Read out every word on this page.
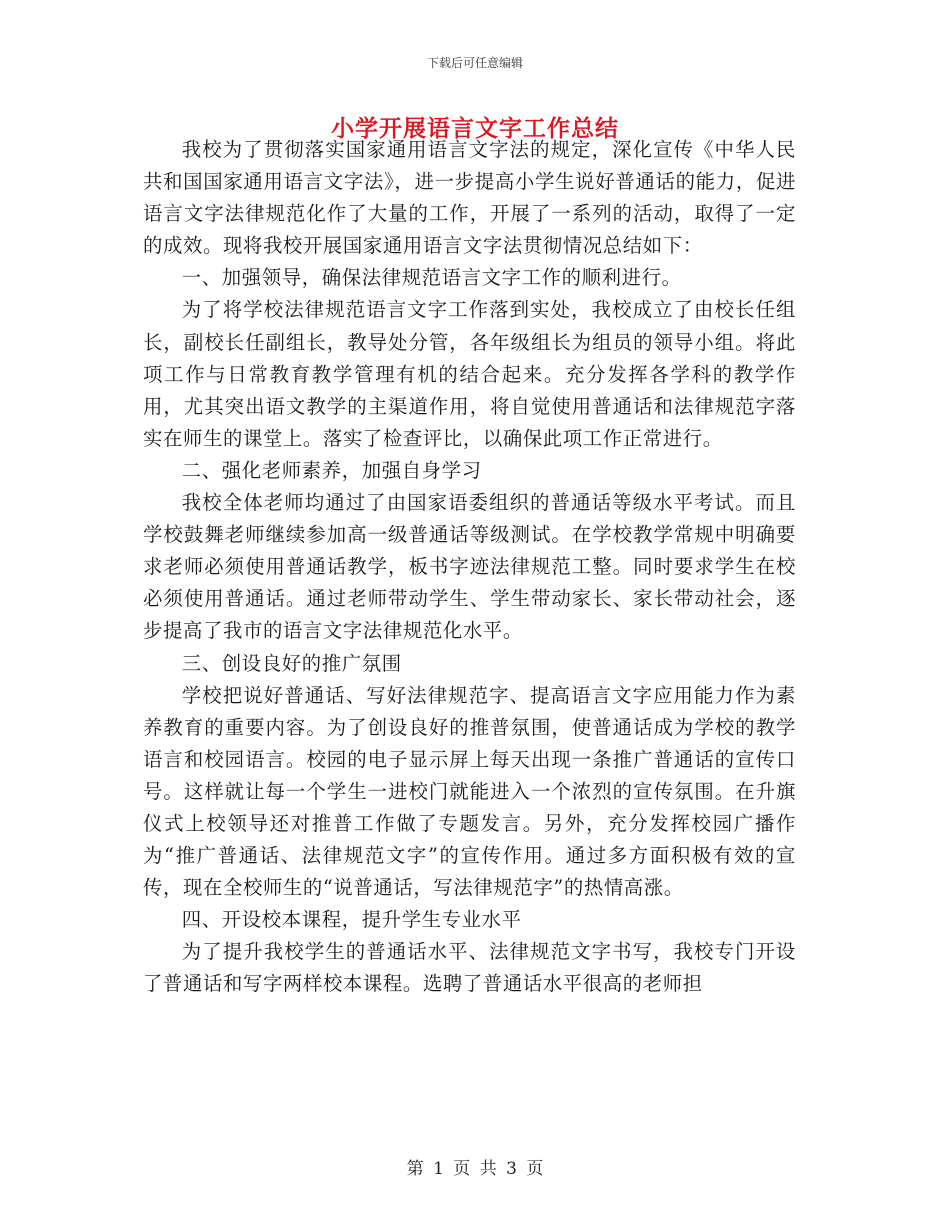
下载后可任意编辑
小学开展语言文字工作总结

我校为了贯彻落实国家通用语言文字法的规定，深化宣传《中华人民共和国国家通用语言文字法》，进一步提高小学生说好普通话的能力，促进语言文字法律规范化作了大量的工作，开展了一系列的活动，取得了一定的成效。现将我校开展国家通用语言文字法贯彻情况总结如下：

一、加强领导，确保法律规范语言文字工作的顺利进行。

为了将学校法律规范语言文字工作落到实处，我校成立了由校长任组长，副校长任副组长，教导处分管，各年级组长为组员的领导小组。将此项工作与日常教育教学管理有机的结合起来。充分发挥各学科的教学作用，尤其突出语文教学的主渠道作用，将自觉使用普通话和法律规范字落实在师生的课堂上。落实了检查评比，以确保此项工作正常进行。

二、强化老师素养，加强自身学习

我校全体老师均通过了由国家语委组织的普通话等级水平考试。而且学校鼓舞老师继续参加高一级普通话等级测试。在学校教学常规中明确要求老师必须使用普通话教学，板书字迹法律规范工整。同时要求学生在校必须使用普通话。通过老师带动学生、学生带动家长、家长带动社会，逐步提高了我市的语言文字法律规范化水平。

三、创设良好的推广氛围

学校把说好普通话、写好法律规范字、提高语言文字应用能力作为素养教育的重要内容。为了创设良好的推普氛围，使普通话成为学校的教学语言和校园语言。校园的电子显示屏上每天出现一条推广普通话的宣传口号。这样就让每一个学生一进校门就能进入一个浓烈的宣传氛围。在升旗仪式上校领导还对推普工作做了专题发言。另外，充分发挥校园广播作为“推广普通话、法律规范文字”的宣传作用。通过多方面积极有效的宣传，现在全校师生的“说普通话，写法律规范字”的热情高涨。

四、开设校本课程，提升学生专业水平

为了提升我校学生的普通话水平、法律规范文字书写，我校专门开设了普通话和写字两样校本课程。选聘了普通话水平很高的老师担

第 1 页 共 3 页
